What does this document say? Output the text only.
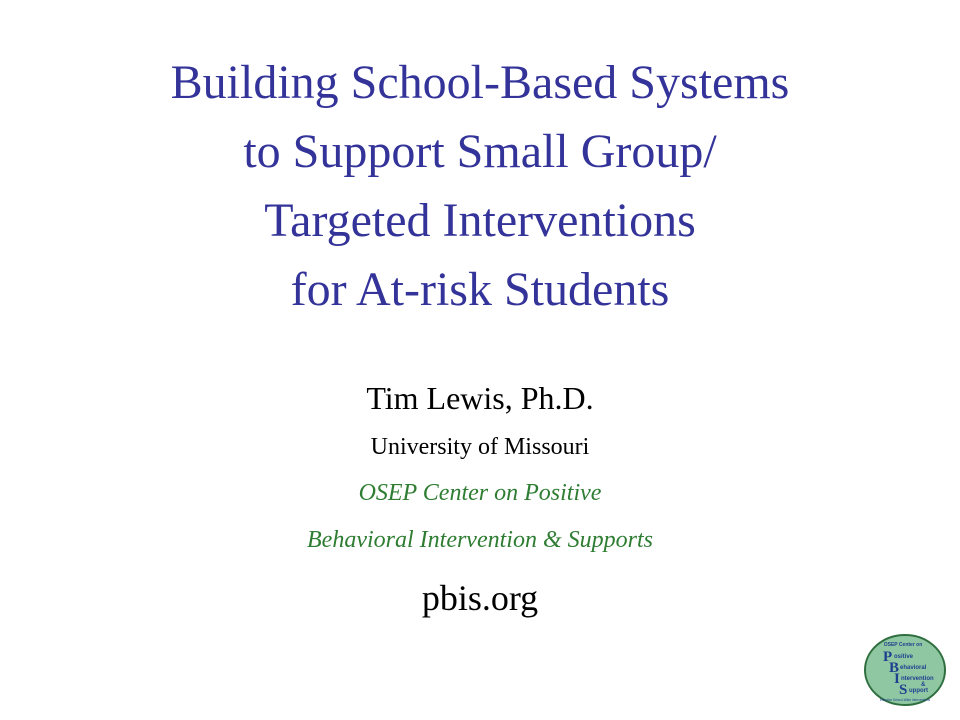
Building School-Based Systems
to Support Small Group/
Targeted Interventions
for At-risk Students
Tim Lewis, Ph.D.
University of Missouri
OSEP Center on Positive
Behavioral Intervention & Supports
pbis.org
OSEP Center on
P ositive
B ehavioral
I ntervention
&
S upport
Effective School-Wide Interventions
